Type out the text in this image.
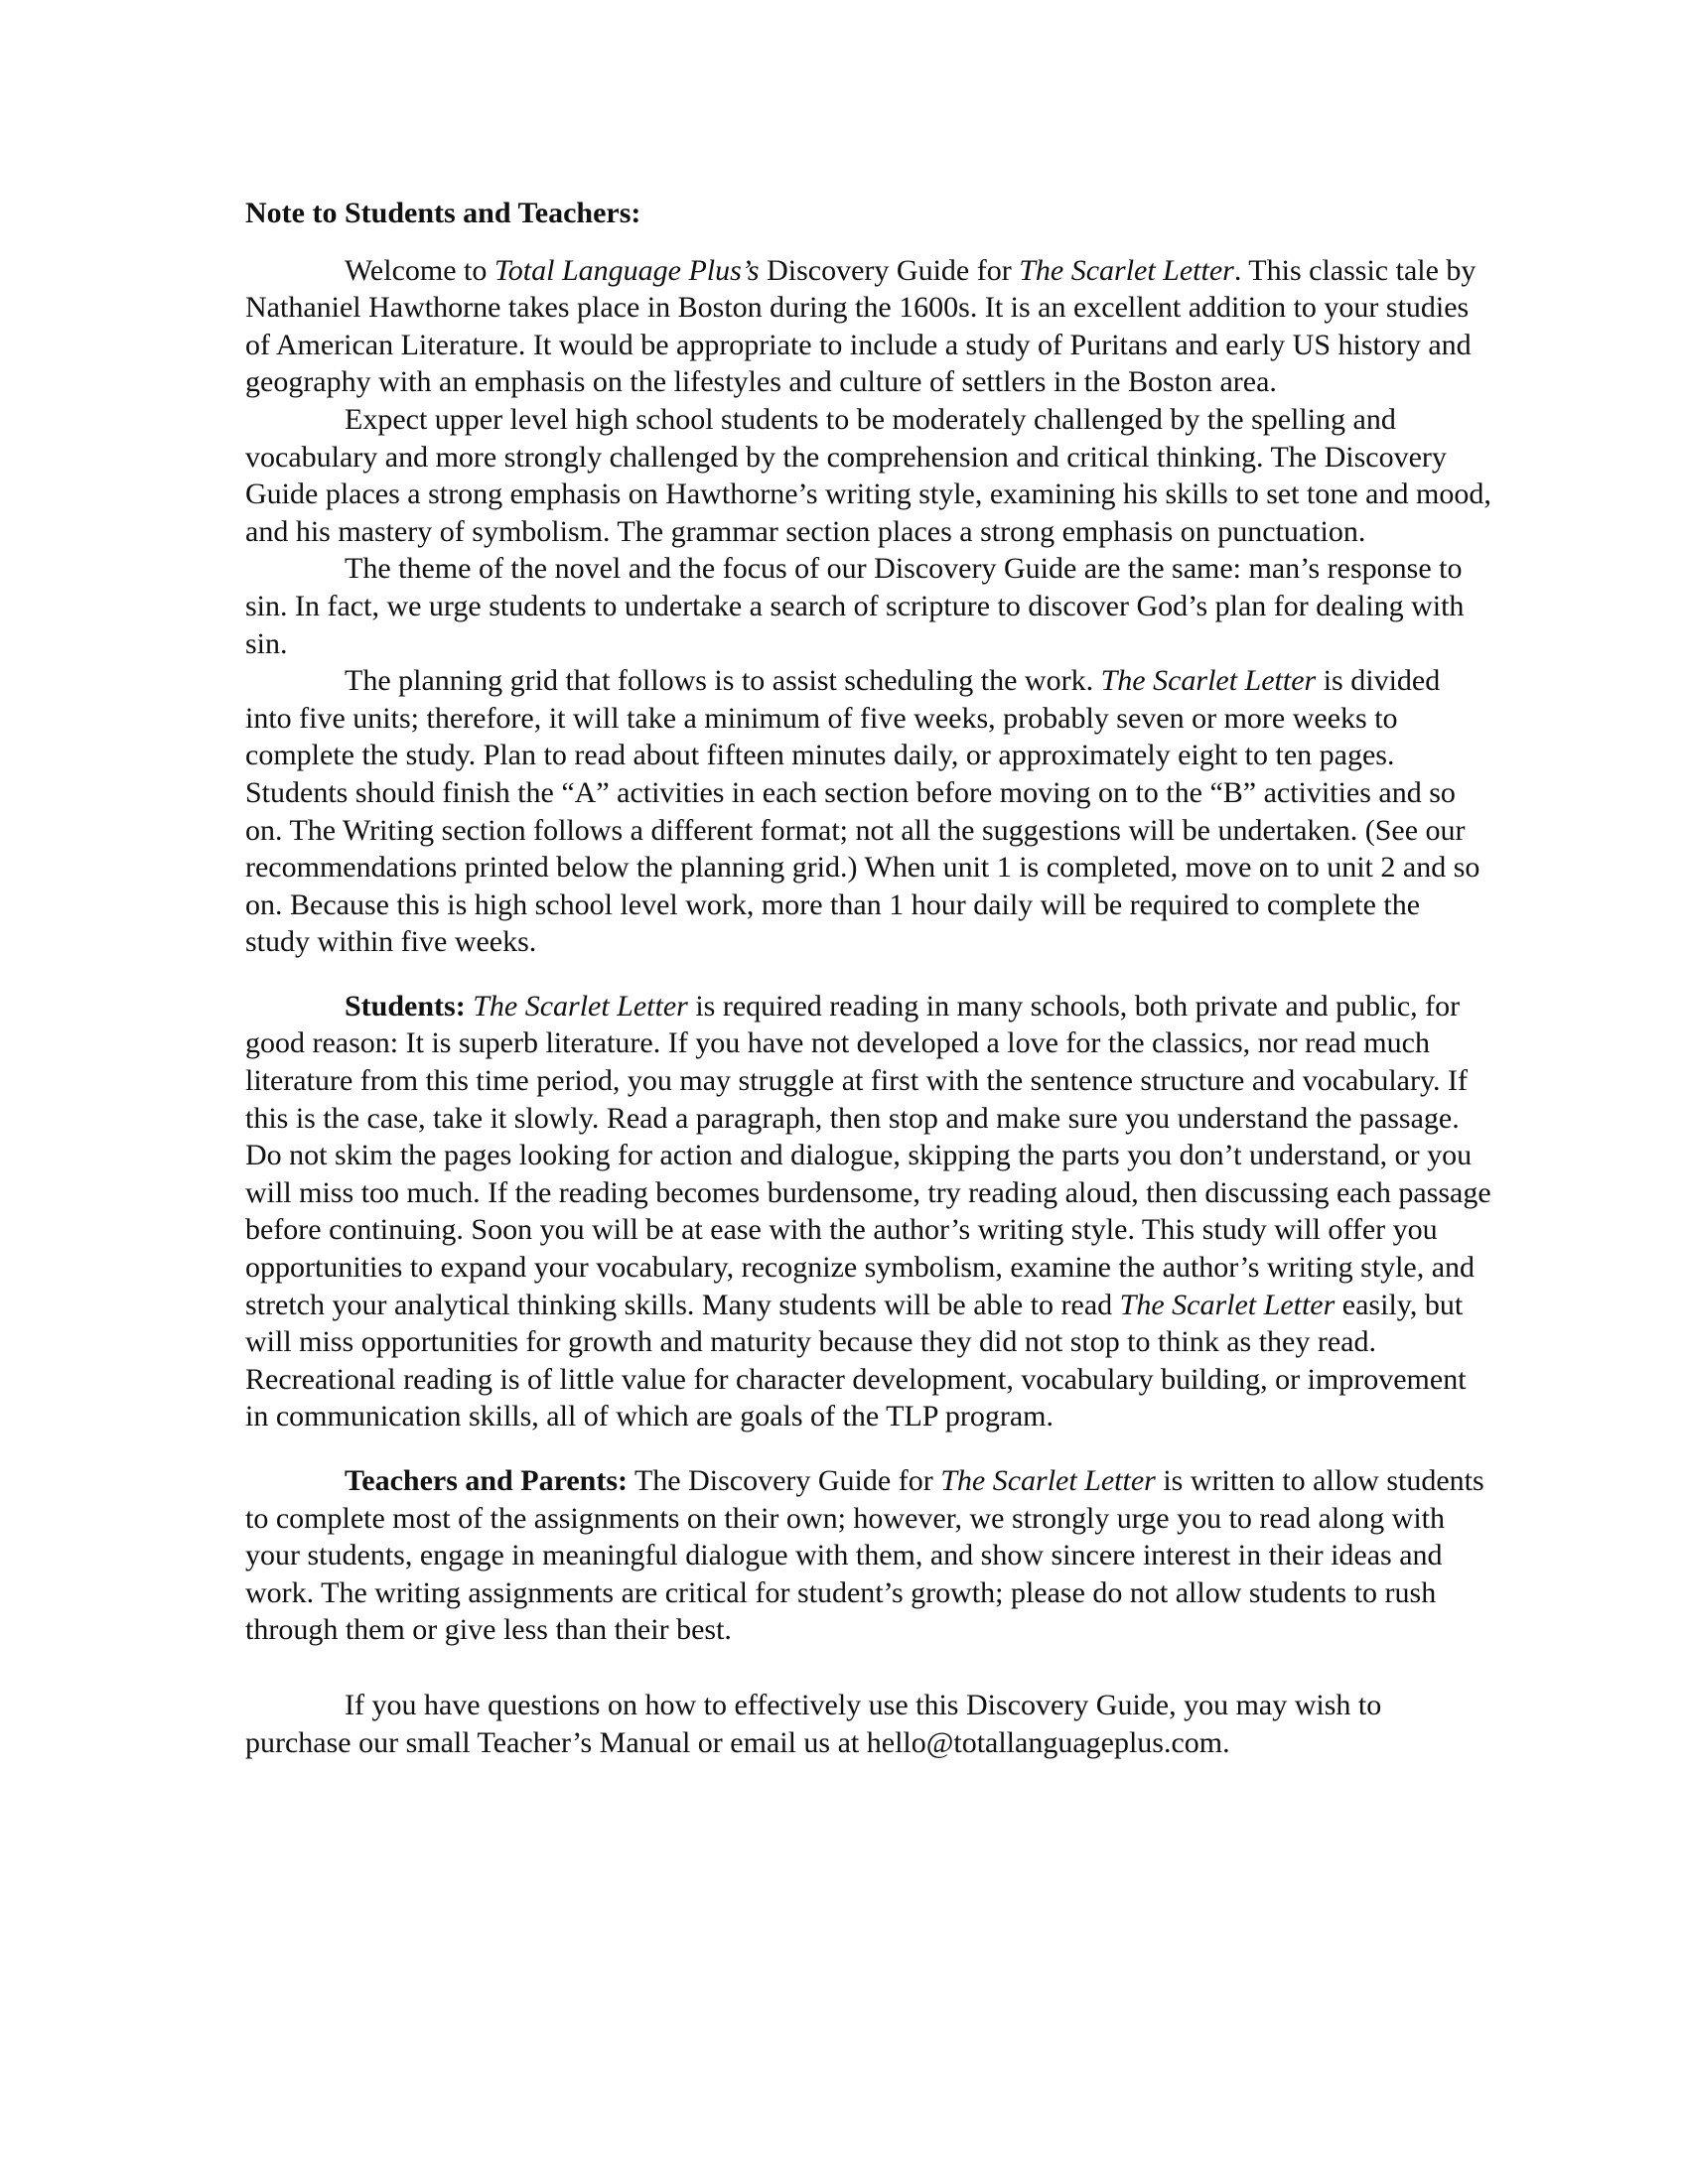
Note to Students and Teachers:

Welcome to Total Language Plus’s Discovery Guide for The Scarlet Letter. This classic tale by Nathaniel Hawthorne takes place in Boston during the 1600s. It is an excellent addition to your studies of American Literature. It would be appropriate to include a study of Puritans and early US history and geography with an emphasis on the lifestyles and culture of settlers in the Boston area.

Expect upper level high school students to be moderately challenged by the spelling and vocabulary and more strongly challenged by the comprehension and critical thinking. The Discovery Guide places a strong emphasis on Hawthorne’s writing style, examining his skills to set tone and mood, and his mastery of symbolism. The grammar section places a strong emphasis on punctuation.

The theme of the novel and the focus of our Discovery Guide are the same: man’s response to sin. In fact, we urge students to undertake a search of scripture to discover God’s plan for dealing with sin.

The planning grid that follows is to assist scheduling the work. The Scarlet Letter is divided into five units; therefore, it will take a minimum of five weeks, probably seven or more weeks to complete the study. Plan to read about fifteen minutes daily, or approximately eight to ten pages. Students should finish the “A” activities in each section before moving on to the “B” activities and so on. The Writing section follows a different format; not all the suggestions will be undertaken. (See our recommendations printed below the planning grid.) When unit 1 is completed, move on to unit 2 and so on. Because this is high school level work, more than 1 hour daily will be required to complete the study within five weeks.

Students: The Scarlet Letter is required reading in many schools, both private and public, for good reason: It is superb literature. If you have not developed a love for the classics, nor read much literature from this time period, you may struggle at first with the sentence structure and vocabulary. If this is the case, take it slowly. Read a paragraph, then stop and make sure you understand the passage. Do not skim the pages looking for action and dialogue, skipping the parts you don’t understand, or you will miss too much. If the reading becomes burdensome, try reading aloud, then discussing each passage before continuing. Soon you will be at ease with the author’s writing style. This study will offer you opportunities to expand your vocabulary, recognize symbolism, examine the author’s writing style, and stretch your analytical thinking skills. Many students will be able to read The Scarlet Letter easily, but will miss opportunities for growth and maturity because they did not stop to think as they read. Recreational reading is of little value for character development, vocabulary building, or improvement in communication skills, all of which are goals of the TLP program.

Teachers and Parents: The Discovery Guide for The Scarlet Letter is written to allow students to complete most of the assignments on their own; however, we strongly urge you to read along with your students, engage in meaningful dialogue with them, and show sincere interest in their ideas and work. The writing assignments are critical for student’s growth; please do not allow students to rush through them or give less than their best.

If you have questions on how to effectively use this Discovery Guide, you may wish to purchase our small Teacher’s Manual or email us at hello@totallanguageplus.com.
